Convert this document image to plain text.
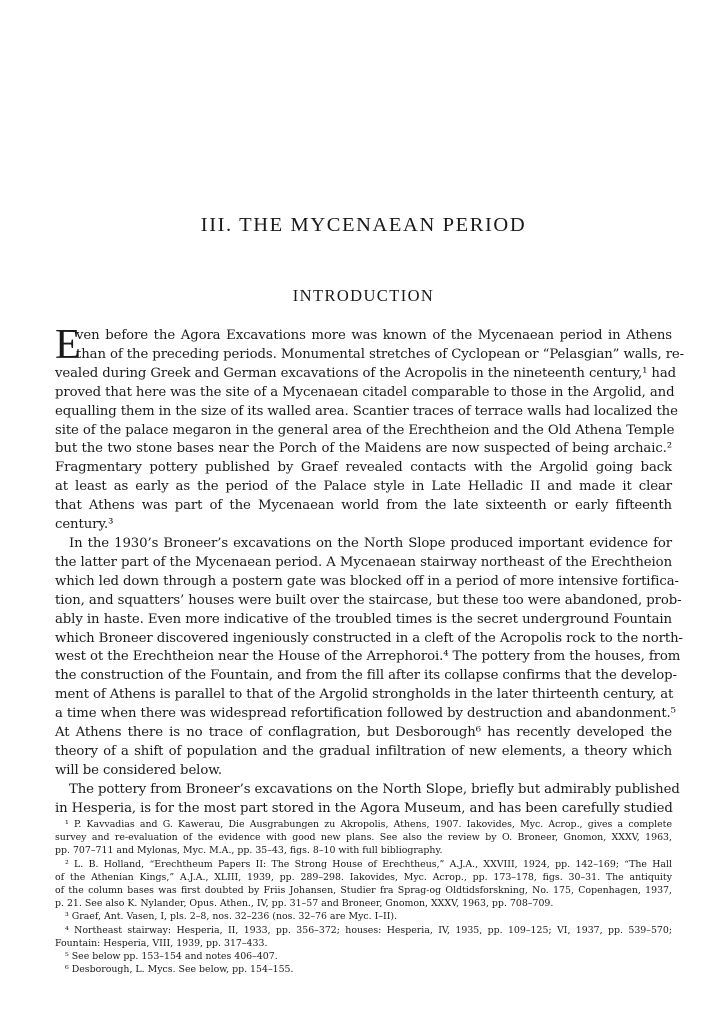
III. THE MYCENAEAN PERIOD
INTRODUCTION
E
ven before the Agora Excavations more was known of the Mycenaean period in Athens
than of the preceding periods. Monumental stretches of Cyclopean or “Pelasgian” walls, re-
vealed during Greek and German excavations of the Acropolis in the nineteenth century,¹ had
proved that here was the site of a Mycenaean citadel comparable to those in the Argolid, and
equalling them in the size of its walled area. Scantier traces of terrace walls had localized the
site of the palace megaron in the general area of the Erechtheion and the Old Athena Temple
but the two stone bases near the Porch of the Maidens are now suspected of being archaic.²
Fragmentary pottery published by Graef revealed contacts with the Argolid going back
at least as early as the period of the Palace style in Late Helladic II and made it clear
that Athens was part of the Mycenaean world from the late sixteenth or early fifteenth
century.³
In the 1930’s Broneer’s excavations on the North Slope produced important evidence for
the latter part of the Mycenaean period. A Mycenaean stairway northeast of the Erechtheion
which led down through a postern gate was blocked off in a period of more intensive fortifica-
tion, and squatters’ houses were built over the staircase, but these too were abandoned, prob-
ably in haste. Even more indicative of the troubled times is the secret underground Fountain
which Broneer discovered ingeniously constructed in a cleft of the Acropolis rock to the north-
west ot the Erechtheion near the House of the Arrephoroi.⁴ The pottery from the houses, from
the construction of the Fountain, and from the fill after its collapse confirms that the develop-
ment of Athens is parallel to that of the Argolid strongholds in the later thirteenth century, at
a time when there was widespread refortification followed by destruction and abandonment.⁵
At Athens there is no trace of conflagration, but Desborough⁶ has recently developed the
theory of a shift of population and the gradual infiltration of new elements, a theory which
will be considered below.
The pottery from Broneer’s excavations on the North Slope, briefly but admirably published
in Hesperia, is for the most part stored in the Agora Museum, and has been carefully studied
¹ P. Kavvadias and G. Kawerau, Die Ausgrabungen zu Akropolis, Athens, 1907. Iakovides, Myc. Acrop., gives a complete
survey and re-evaluation of the evidence with good new plans. See also the review by O. Broneer, Gnomon, XXXV, 1963,
pp. 707–711 and Mylonas, Myc. M.A., pp. 35–43, figs. 8–10 with full bibliography.
² L. B. Holland, “Erechtheum Papers II: The Strong House of Erechtheus,” A.J.A., XXVIII, 1924, pp. 142–169; “The Hall
of the Athenian Kings,” A.J.A., XLIII, 1939, pp. 289–298. Iakovides, Myc. Acrop., pp. 173–178, figs. 30–31. The antiquity
of the column bases was first doubted by Friis Johansen, Studier fra Sprag-og Oldtidsforskning, No. 175, Copenhagen, 1937,
p. 21. See also K. Nylander, Opus. Athen., IV, pp. 31–57 and Broneer, Gnomon, XXXV, 1963, pp. 708–709.
³ Graef, Ant. Vasen, I, pls. 2–8, nos. 32–236 (nos. 32–76 are Myc. I–II).
⁴ Northeast stairway: Hesperia, II, 1933, pp. 356–372; houses: Hesperia, IV, 1935, pp. 109–125; VI, 1937, pp. 539–570;
Fountain: Hesperia, VIII, 1939, pp. 317–433.
⁵ See below pp. 153–154 and notes 406–407.
⁶ Desborough, L. Mycs. See below, pp. 154–155.
